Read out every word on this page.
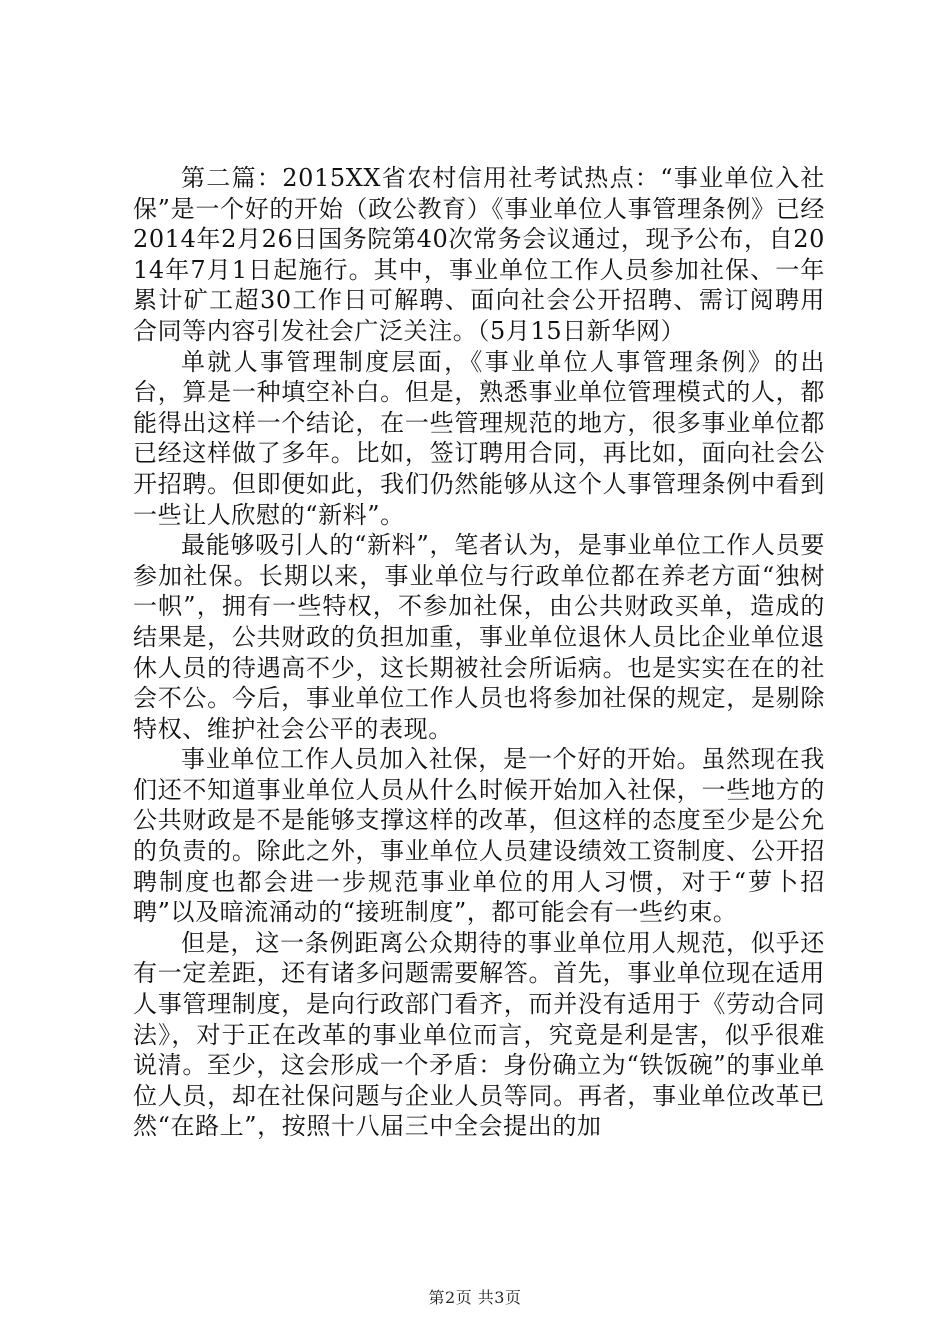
第二篇：2015XX省农村信用社考试热点：“事业单位入社保”是一个好的开始（政公教育）《事业单位人事管理条例》已经2014年2月26日国务院第40次常务会议通过，现予公布，自2014年7月1日起施行。其中，事业单位工作人员参加社保、一年累计矿工超30工作日可解聘、面向社会公开招聘、需订阅聘用合同等内容引发社会广泛关注。（5月15日新华网）

单就人事管理制度层面，《事业单位人事管理条例》的出台，算是一种填空补白。但是，熟悉事业单位管理模式的人，都能得出这样一个结论，在一些管理规范的地方，很多事业单位都已经这样做了多年。比如，签订聘用合同，再比如，面向社会公开招聘。但即便如此，我们仍然能够从这个人事管理条例中看到一些让人欣慰的“新料”。

最能够吸引人的“新料”，笔者认为，是事业单位工作人员要参加社保。长期以来，事业单位与行政单位都在养老方面“独树一帜”，拥有一些特权，不参加社保，由公共财政买单，造成的结果是，公共财政的负担加重，事业单位退休人员比企业单位退休人员的待遇高不少，这长期被社会所诟病。也是实实在在的社会不公。今后，事业单位工作人员也将参加社保的规定，是剔除特权、维护社会公平的表现。

事业单位工作人员加入社保，是一个好的开始。虽然现在我们还不知道事业单位人员从什么时候开始加入社保，一些地方的公共财政是不是能够支撑这样的改革，但这样的态度至少是公允的负责的。除此之外，事业单位人员建设绩效工资制度、公开招聘制度也都会进一步规范事业单位的用人习惯，对于“萝卜招聘”以及暗流涌动的“接班制度”，都可能会有一些约束。

但是，这一条例距离公众期待的事业单位用人规范，似乎还有一定差距，还有诸多问题需要解答。首先，事业单位现在适用人事管理制度，是向行政部门看齐，而并没有适用于《劳动合同法》，对于正在改革的事业单位而言，究竟是利是害，似乎很难说清。至少，这会形成一个矛盾：身份确立为“铁饭碗”的事业单位人员，却在社保问题与企业人员等同。再者，事业单位改革已然“在路上”，按照十八届三中全会提出的加

第2页 共3页
